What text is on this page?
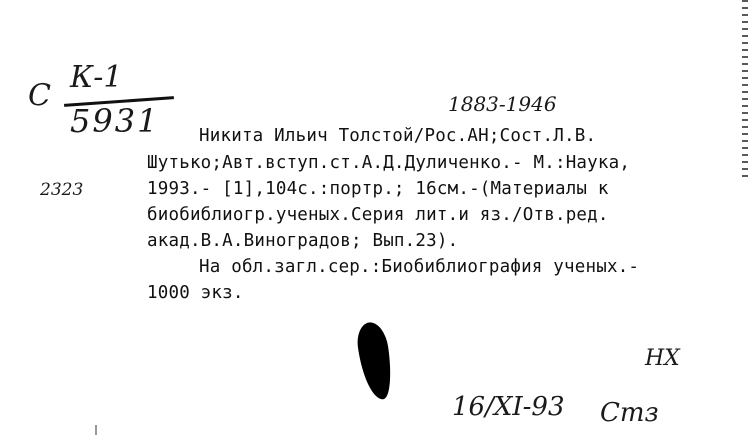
С
К-1
5931	1883-1946
2323
Никита Ильич Толстой/Рос.АН;Сост.Л.В.
Шутько;Авт.вступ.ст.А.Д.Дуличенко.- М.:Наука,
1993.- [1],104с.:портр.; 16см.-(Материалы к
биобиблиогр.ученых.Серия лит.и яз./Отв.ред.
акад.В.А.Виноградов; Вып.23).
На обл.загл.сер.:Биобиблиография ученых.-
1000 экз.
НХ
16/XI-93 Стз
